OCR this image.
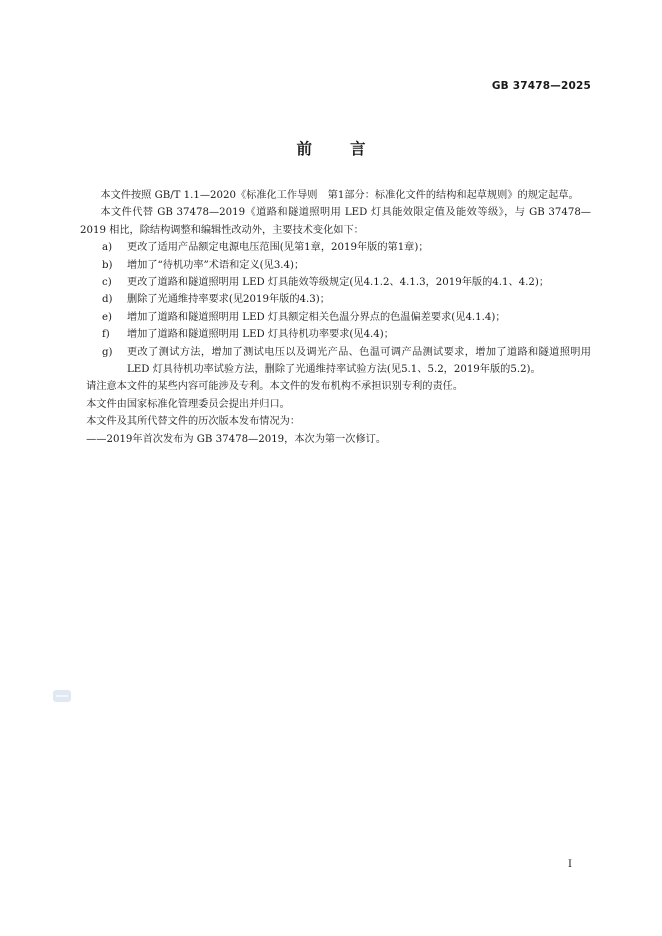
GB 37478—2025
前言

本文件按照 GB/T 1.1—2020《标准化工作导则　第1部分：标准化文件的结构和起草规则》的规定起草。

本文件代替 GB 37478—2019《道路和隧道照明用 LED 灯具能效限定值及能效等级》，与 GB 37478—2019 相比，除结构调整和编辑性改动外，主要技术变化如下：

a)	更改了适用产品额定电源电压范围(见第1章，2019年版的第1章)；
b)	增加了“待机功率”术语和定义(见3.4)；
c)	更改了道路和隧道照明用 LED 灯具能效等级规定(见4.1.2、4.1.3，2019年版的4.1、4.2)；
d)	删除了光通维持率要求(见2019年版的4.3)；
e)	增加了道路和隧道照明用 LED 灯具额定相关色温分界点的色温偏差要求(见4.1.4)；
f)	增加了道路和隧道照明用 LED 灯具待机功率要求(见4.4)；
g)	更改了测试方法，增加了测试电压以及调光产品、色温可调产品测试要求，增加了道路和隧道照明用 LED 灯具待机功率试验方法，删除了光通维持率试验方法(见5.1、5.2，2019年版的5.2)。

请注意本文件的某些内容可能涉及专利。本文件的发布机构不承担识别专利的责任。

本文件由国家标准化管理委员会提出并归口。

本文件及其所代替文件的历次版本发布情况为：

——2019年首次发布为 GB 37478—2019，本次为第一次修订。

I
